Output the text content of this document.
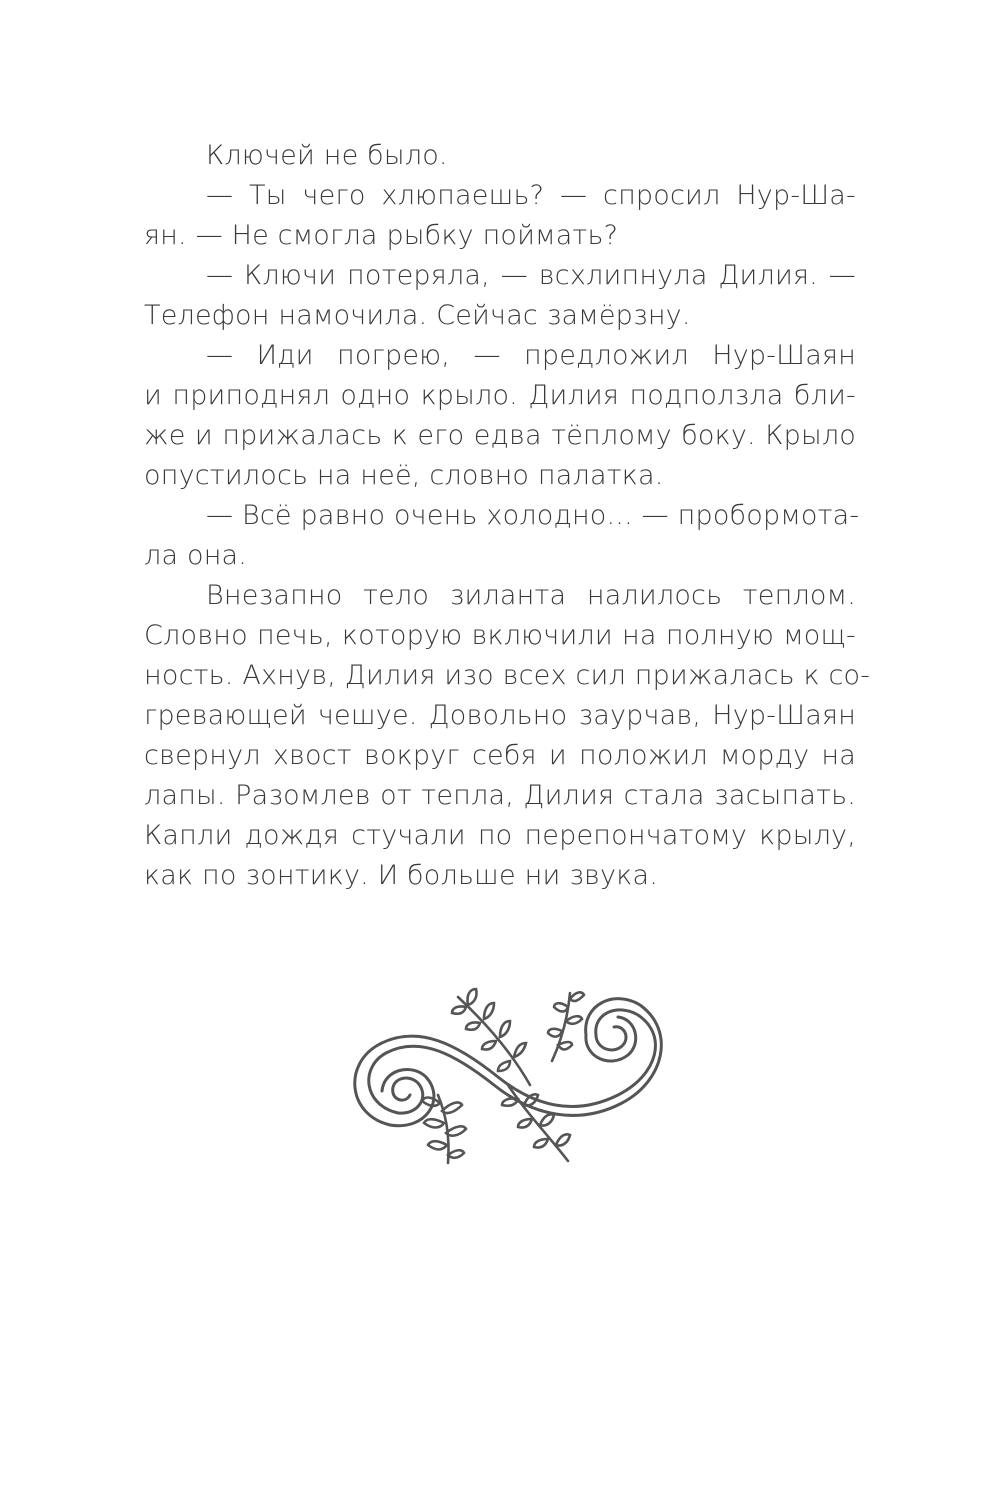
Ключей не было.
— Ты чего хлюпаешь? — спросил Нур-Ша-
ян. — Не смогла рыбку поймать?
— Ключи потеряла, — всхлипнула Дилия. —
Телефон намочила. Сейчас замёрзну.
— Иди погрею, — предложил Нур-Шаян
и приподнял одно крыло. Дилия подползла бли-
же и прижалась к его едва тёплому боку. Крыло
опустилось на неё, словно палатка.
— Всё равно очень холодно... — пробормота-
ла она.
Внезапно тело зиланта налилось теплом.
Словно печь, которую включили на полную мощ-
ность. Ахнув, Дилия изо всех сил прижалась к со-
гревающей чешуе. Довольно заурчав, Нур-Шаян
свернул хвост вокруг себя и положил морду на
лапы. Разомлев от тепла, Дилия стала засыпать.
Капли дождя стучали по перепончатому крылу,
как по зонтику. И больше ни звука.
